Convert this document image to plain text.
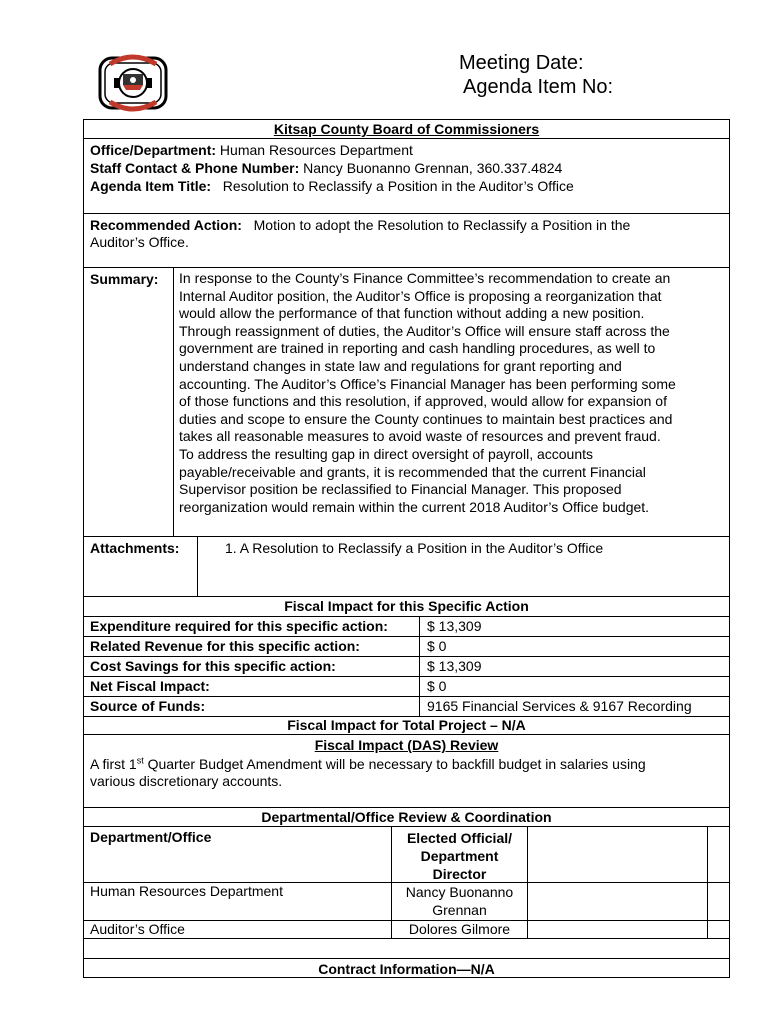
Meeting Date:
Agenda Item No:
Kitsap County Board of Commissioners
Office/Department: Human Resources Department
Staff Contact & Phone Number: Nancy Buonanno Grennan, 360.337.4824
Agenda Item Title: Resolution to Reclassify a Position in the Auditor’s Office
Recommended Action: Motion to adopt the Resolution to Reclassify a Position in the
Auditor’s Office.
Summary: In response to the County’s Finance Committee’s recommendation to create an
Internal Auditor position, the Auditor’s Office is proposing a reorganization that
would allow the performance of that function without adding a new position.
Through reassignment of duties, the Auditor’s Office will ensure staff across the
government are trained in reporting and cash handling procedures, as well to
understand changes in state law and regulations for grant reporting and
accounting. The Auditor’s Office’s Financial Manager has been performing some
of those functions and this resolution, if approved, would allow for expansion of
duties and scope to ensure the County continues to maintain best practices and
takes all reasonable measures to avoid waste of resources and prevent fraud.
To address the resulting gap in direct oversight of payroll, accounts
payable/receivable and grants, it is recommended that the current Financial
Supervisor position be reclassified to Financial Manager. This proposed
reorganization would remain within the current 2018 Auditor’s Office budget.
Attachments:	1. A Resolution to Reclassify a Position in the Auditor’s Office
Fiscal Impact for this Specific Action
Expenditure required for this specific action:	$ 13,309
Related Revenue for this specific action:	$ 0
Cost Savings for this specific action:	$ 13,309
Net Fiscal Impact:	$ 0
Source of Funds:	9165 Financial Services & 9167 Recording
Fiscal Impact for Total Project – N/A
Fiscal Impact (DAS) Review
A first 1st Quarter Budget Amendment will be necessary to backfill budget in salaries using
various discretionary accounts.
Departmental/Office Review & Coordination
Department/Office	Elected Official/
Department
Director
Human Resources Department	Nancy Buonanno
Grennan
Auditor’s Office	Dolores Gilmore
Contract Information—N/A
